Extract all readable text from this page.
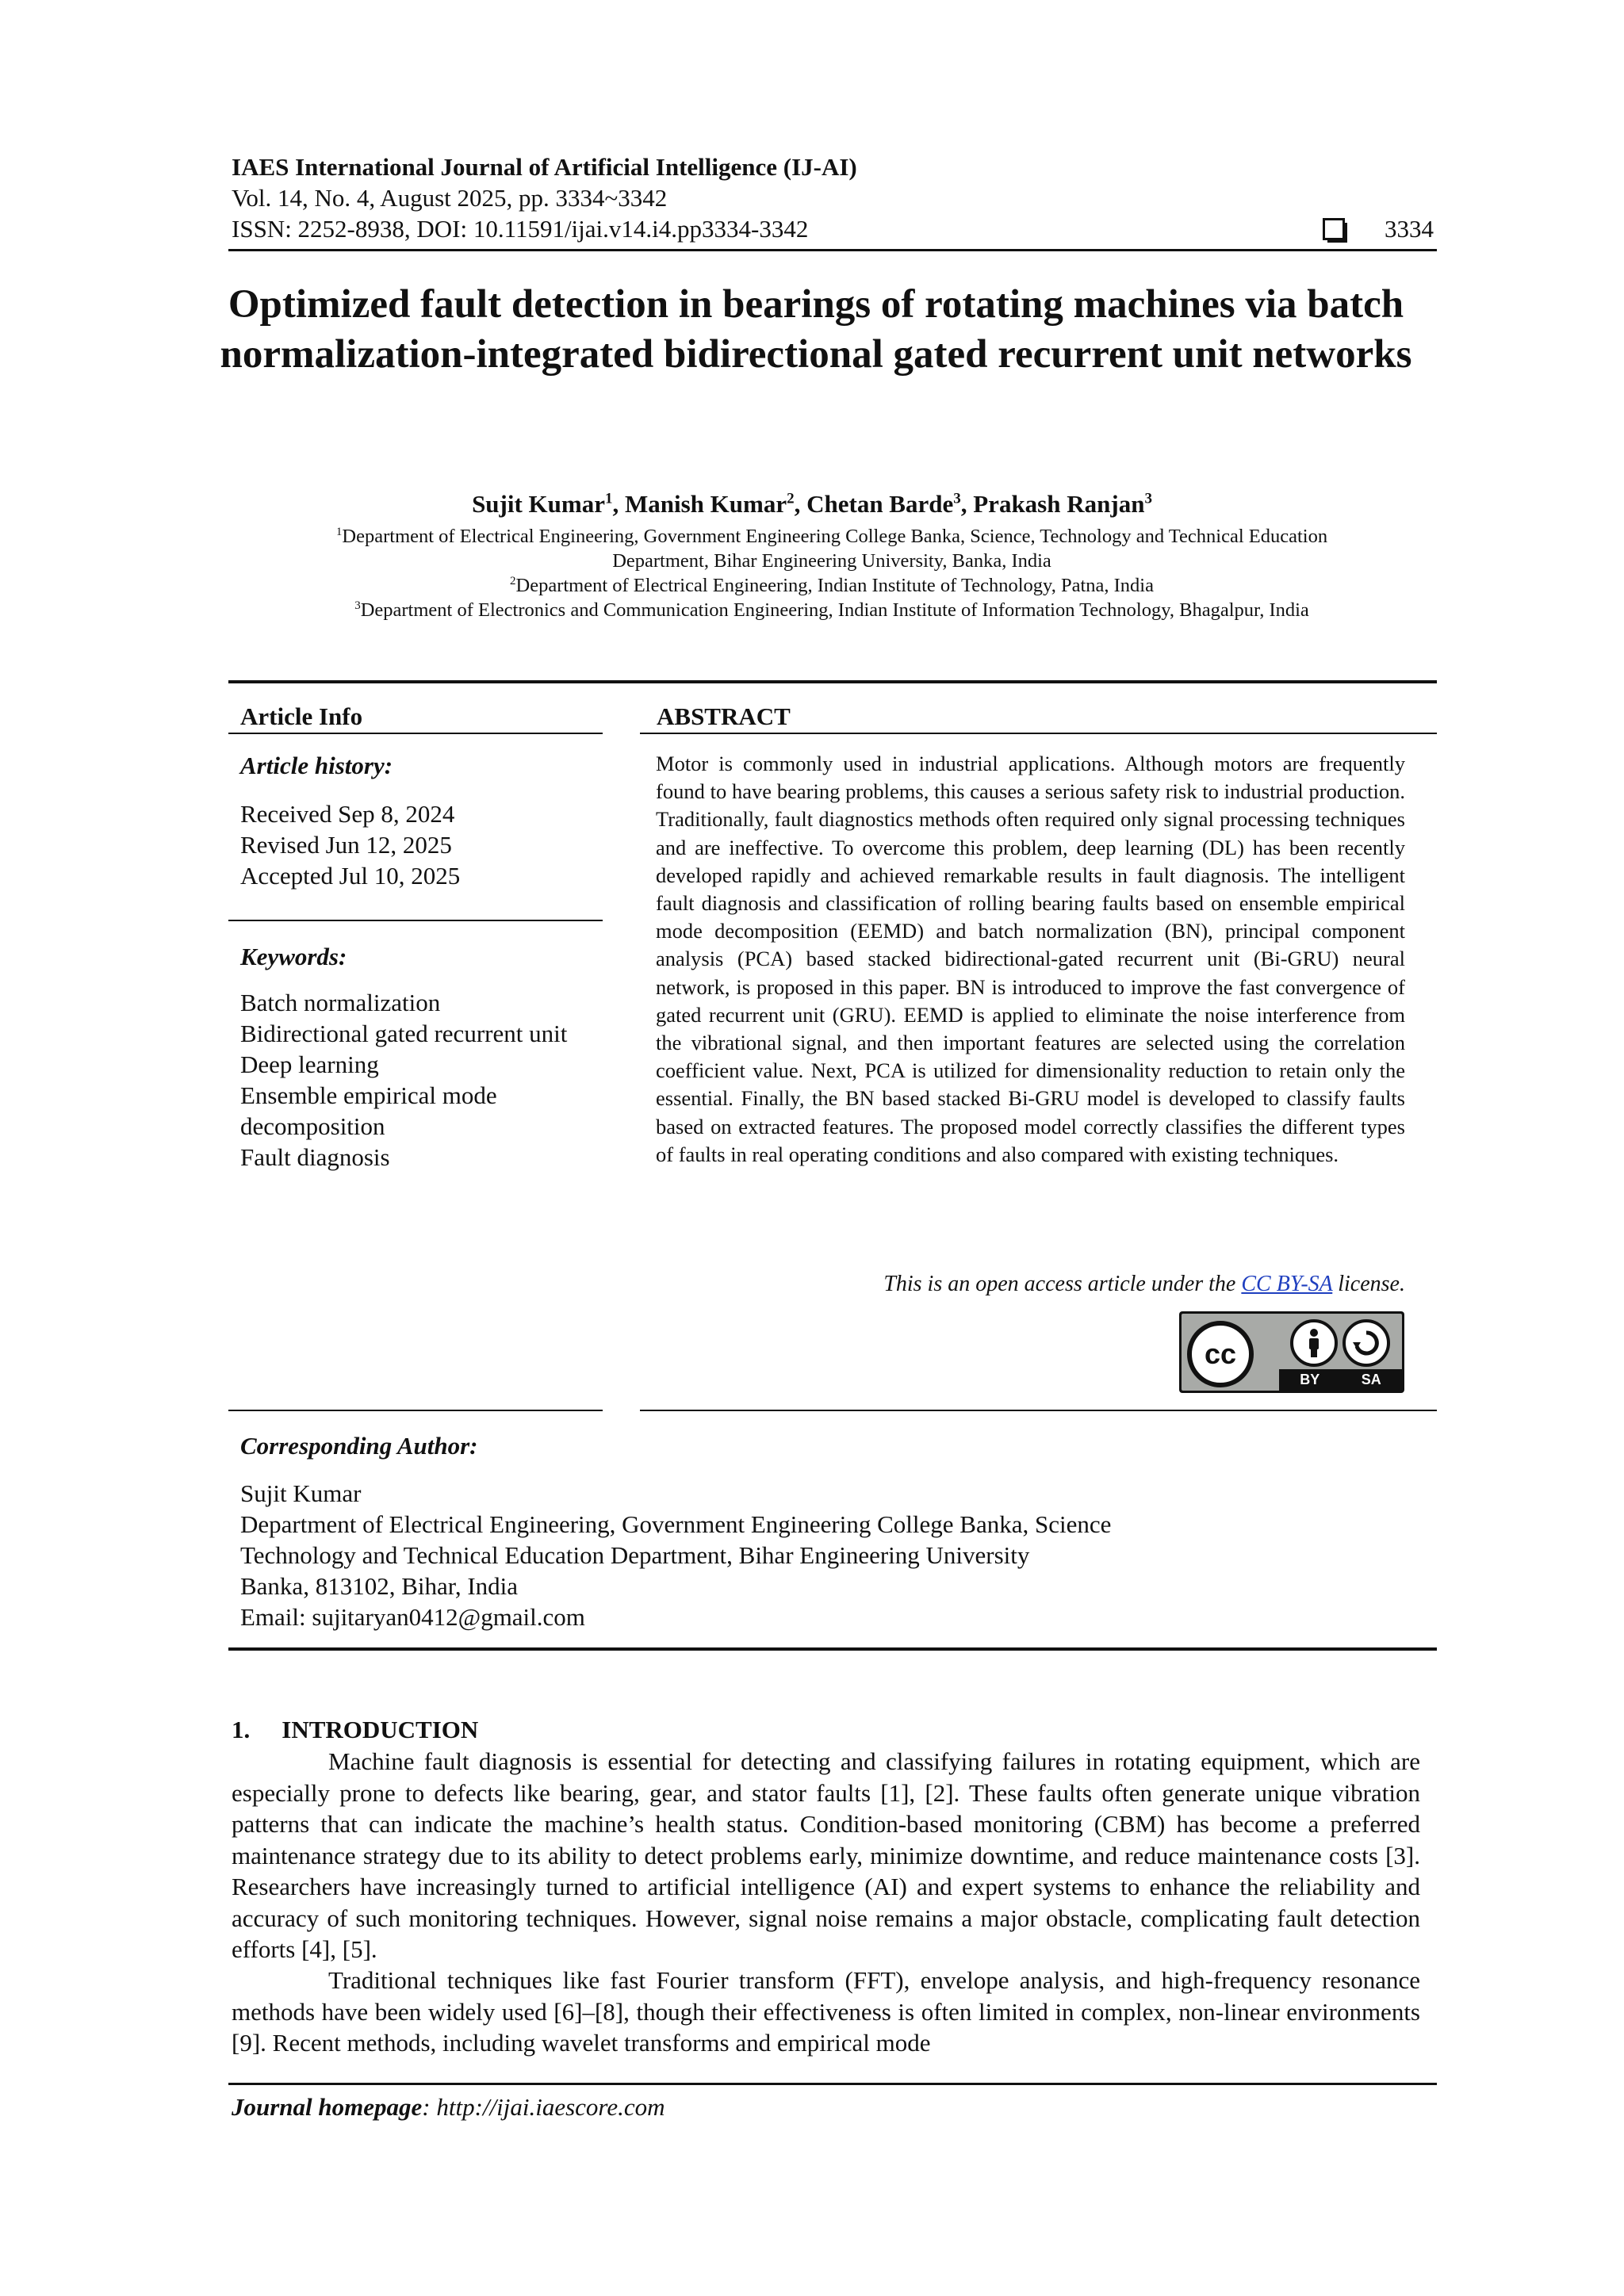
IAES International Journal of Artificial Intelligence (IJ-AI)
Vol. 14, No. 4, August 2025, pp. 3334~3342
ISSN: 2252-8938, DOI: 10.11591/ijai.v14.i4.pp3334-3342	3334
Optimized fault detection in bearings of rotating machines via batch normalization-integrated bidirectional gated recurrent unit networks
Sujit Kumar$^1$, Manish Kumar$^2$, Chetan Barde$^3$, Prakash Ranjan$^3$
$^1$Department of Electrical Engineering, Government Engineering College Banka, Science, Technology and Technical Education
Department, Bihar Engineering University, Banka, India
$^2$Department of Electrical Engineering, Indian Institute of Technology, Patna, India
$^3$Department of Electronics and Communication Engineering, Indian Institute of Information Technology, Bhagalpur, India
Article Info	ABSTRACT
Article history:
Received Sep 8, 2024
Revised Jun 12, 2025
Accepted Jul 10, 2025
Keywords:
Batch normalization
Bidirectional gated recurrent unit
Deep learning
Ensemble empirical mode
decomposition
Fault diagnosis
Motor is commonly used in industrial applications. Although motors are frequently found to have bearing problems, this causes a serious safety risk to industrial production. Traditionally, fault diagnostics methods often required only signal processing techniques and are ineffective. To overcome this problem, deep learning (DL) has been recently developed rapidly and achieved remarkable results in fault diagnosis. The intelligent fault diagnosis and classification of rolling bearing faults based on ensemble empirical mode decomposition (EEMD) and batch normalization (BN), principal component analysis (PCA) based stacked bidirectional-gated recurrent unit (Bi-GRU) neural network, is proposed in this paper. BN is introduced to improve the fast convergence of gated recurrent unit (GRU). EEMD is applied to eliminate the noise interference from the vibrational signal, and then important features are selected using the correlation coefficient value. Next, PCA is utilized for dimensionality reduction to retain only the essential. Finally, the BN based stacked Bi-GRU model is developed to classify faults based on extracted features. The proposed model correctly classifies the different types of faults in real operating conditions and also compared with existing techniques.
This is an open access article under the CC BY-SA license.
cc
BY	SA
Corresponding Author:
Sujit Kumar
Department of Electrical Engineering, Government Engineering College Banka, Science
Technology and Technical Education Department, Bihar Engineering University
Banka, 813102, Bihar, India
Email: sujitaryan0412@gmail.com
1. INTRODUCTION
Machine fault diagnosis is essential for detecting and classifying failures in rotating equipment, which are especially prone to defects like bearing, gear, and stator faults [1], [2]. These faults often generate unique vibration patterns that can indicate the machine’s health status. Condition-based monitoring (CBM) has become a preferred maintenance strategy due to its ability to detect problems early, minimize downtime, and reduce maintenance costs [3]. Researchers have increasingly turned to artificial intelligence (AI) and expert systems to enhance the reliability and accuracy of such monitoring techniques. However, signal noise remains a major obstacle, complicating fault detection efforts [4], [5].
Traditional techniques like fast Fourier transform (FFT), envelope analysis, and high-frequency resonance methods have been widely used [6]–[8], though their effectiveness is often limited in complex, non-linear environments [9]. Recent methods, including wavelet transforms and empirical mode
Journal homepage: http://ijai.iaescore.com
